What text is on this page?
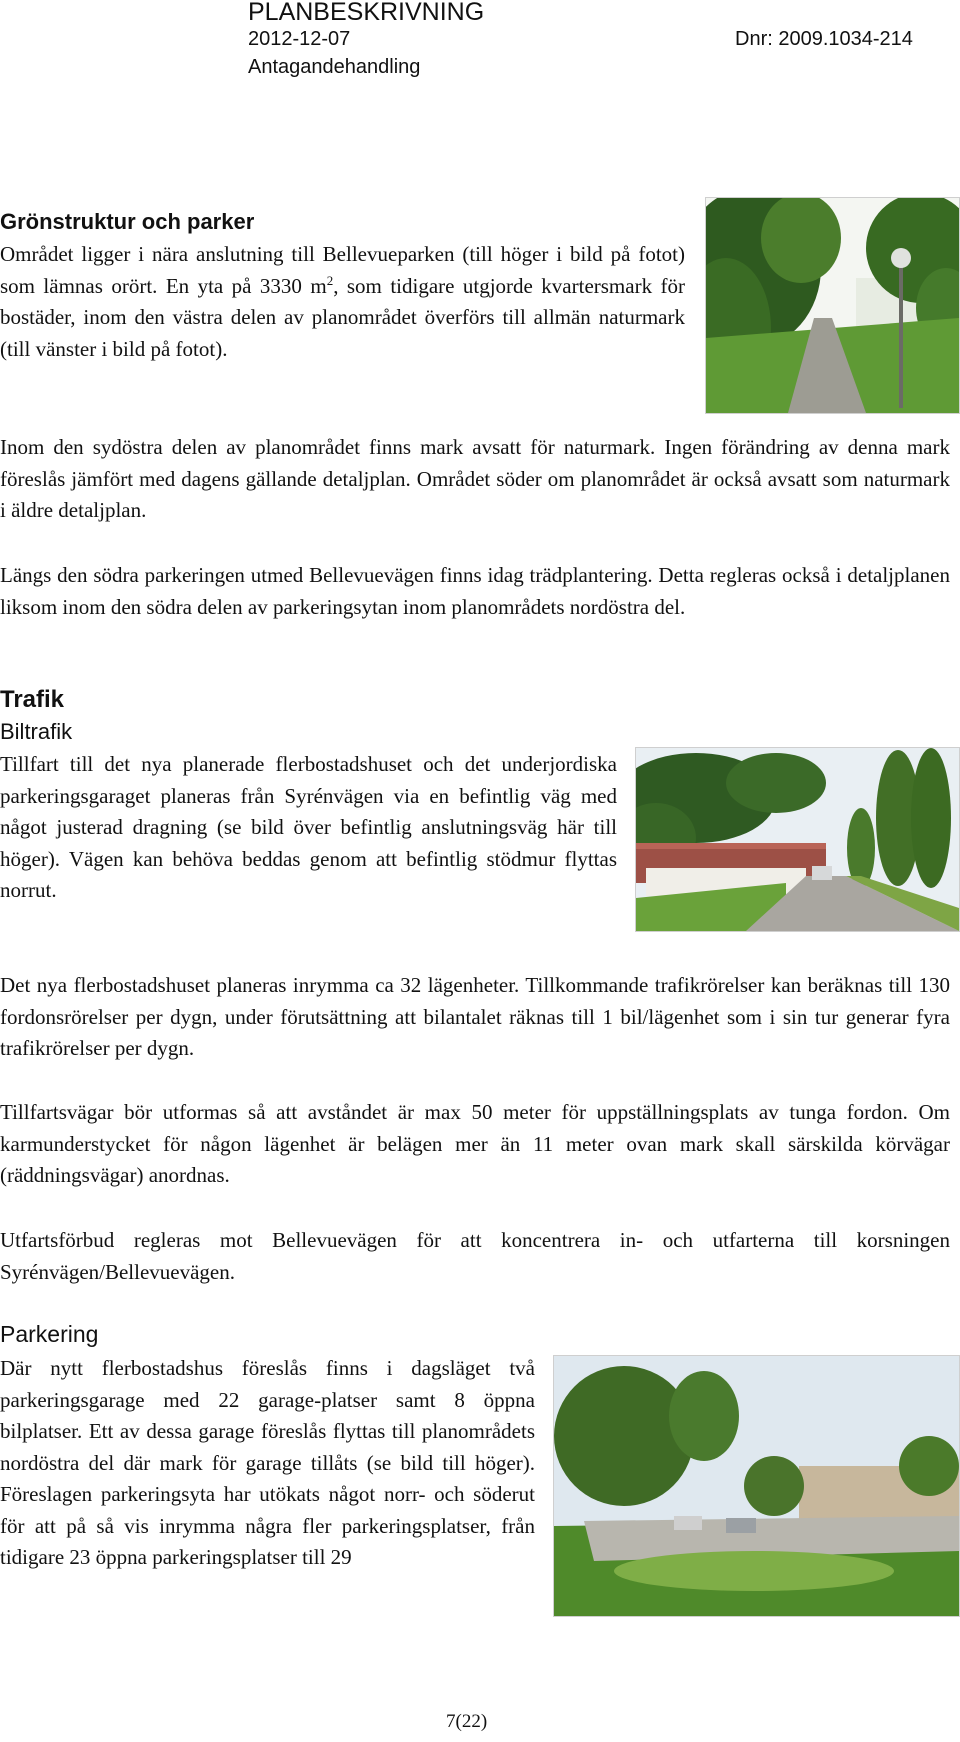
PLANBESKRIVNING
2012-12-07	Dnr: 2009.1034-214
Antagandehandling
Grönstruktur och parker
Området ligger i nära anslutning till Bellevueparken (till höger i bild på fotot) som lämnas orört. En yta på 3330 $m^2$, som tidigare utgjorde kvartersmark för bostäder, inom den västra delen av planområdet överförs till allmän naturmark (till vänster i bild på fotot).
Inom den sydöstra delen av planområdet finns mark avsatt för naturmark. Ingen förändring av denna mark föreslås jämfört med dagens gällande detaljplan. Området söder om planområdet är också avsatt som naturmark i äldre detaljplan.
Längs den södra parkeringen utmed Bellevuevägen finns idag trädplantering. Detta regleras också i detaljplanen liksom inom den södra delen av parkeringsytan inom planområdets nordöstra del.
Trafik
Biltrafik
Tillfart till det nya planerade flerbostadshuset och det underjordiska parkeringsgaraget planeras från Syrénvägen via en befintlig väg med något justerad dragning (se bild över befintlig anslutningsväg här till höger). Vägen kan behöva beddas genom att befintlig stödmur flyttas norrut.
Det nya flerbostadshuset planeras inrymma ca 32 lägenheter. Tillkommande trafikrörelser kan beräknas till 130 fordonsrörelser per dygn, under förutsättning att bilantalet räknas till 1 bil/lägenhet som i sin tur generar fyra trafikrörelser per dygn.
Tillfartsvägar bör utformas så att avståndet är max 50 meter för uppställningsplats av tunga fordon. Om karmunderstycket för någon lägenhet är belägen mer än 11 meter ovan mark skall särskilda körvägar (räddningsvägar) anordnas.
Utfartsförbud regleras mot Bellevuevägen för att koncentrera in- och utfarterna till korsningen Syrénvägen/Bellevuevägen.
Parkering
Där nytt flerbostadshus föreslås finns i dagsläget två parkeringsgarage med 22 garage-platser samt 8 öppna bilplatser. Ett av dessa garage föreslås flyttas till planområdets nordöstra del där mark för garage tillåts (se bild till höger). Föreslagen parkeringsyta har utökats något norr- och söderut för att på så vis inrymma några fler parkeringsplatser, från tidigare 23 öppna parkeringsplatser till 29
7(22)
